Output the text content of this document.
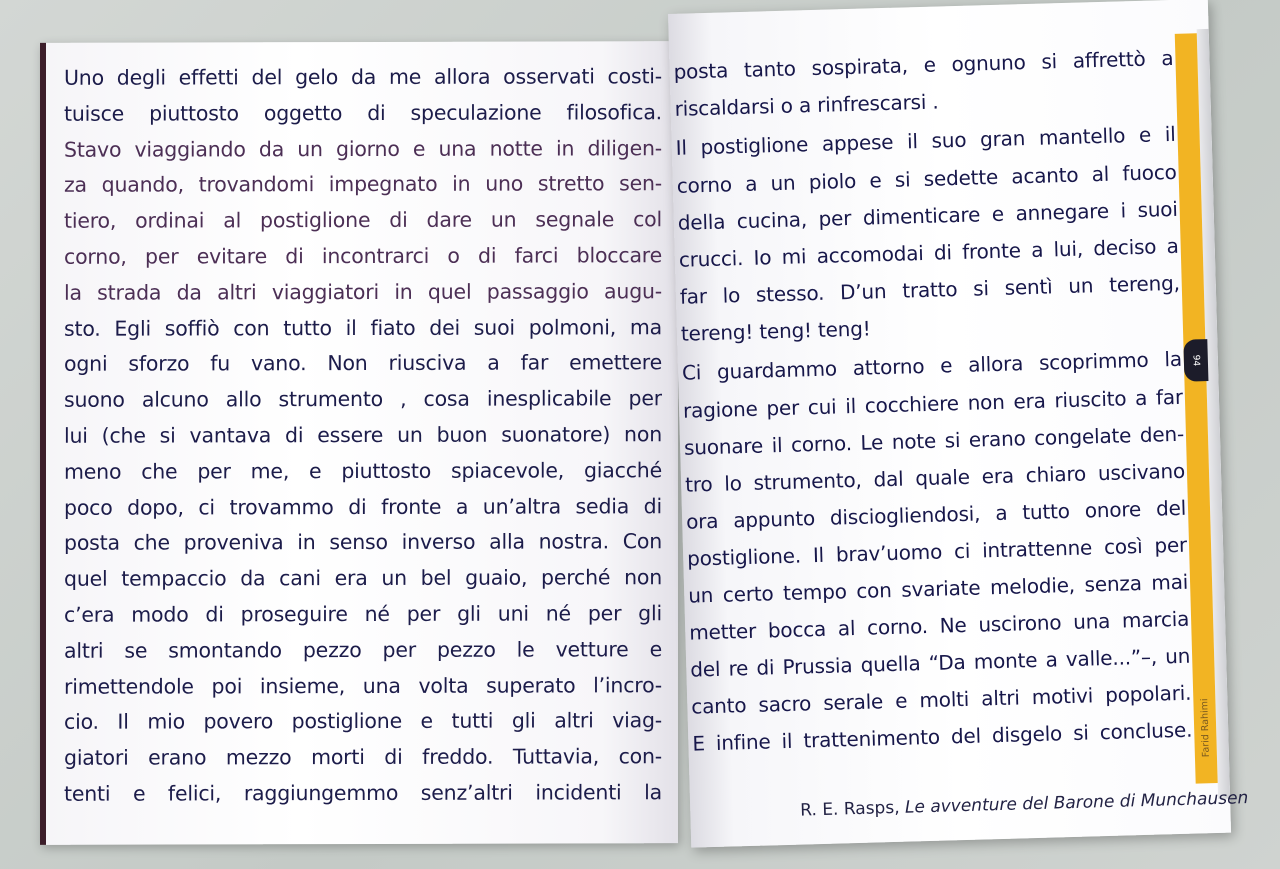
Uno degli effetti del gelo da me allora osservati costi-
tuisce piuttosto oggetto di speculazione filosofica.
Stavo viaggiando da un giorno e una notte in diligen-
za quando, trovandomi impegnato in uno stretto sen-
tiero, ordinai al postiglione di dare un segnale col
corno, per evitare di incontrarci o di farci bloccare
la strada da altri viaggiatori in quel passaggio augu-
sto. Egli soffiò con tutto il fiato dei suoi polmoni, ma
ogni sforzo fu vano. Non riusciva a far emettere
suono alcuno allo strumento , cosa inesplicabile per
lui (che si vantava di essere un buon suonatore) non
meno che per me, e piuttosto spiacevole, giacché
poco dopo, ci trovammo di fronte a un’altra sedia di
posta che proveniva in senso inverso alla nostra. Con
quel tempaccio da cani era un bel guaio, perché non
c’era modo di proseguire né per gli uni né per gli
altri se smontando pezzo per pezzo le vetture e
rimettendole poi insieme, una volta superato l’incro-
cio. Il mio povero postiglione e tutti gli altri viag-
giatori erano mezzo morti di freddo. Tuttavia, con-
tenti e felici, raggiungemmo senz’altri incidenti la
94
Farid Rahimi
posta tanto sospirata, e ognuno si affrettò a
riscaldarsi o a rinfrescarsi .
Il postiglione appese il suo gran mantello e il
corno a un piolo e si sedette acanto al fuoco
della cucina, per dimenticare e annegare i suoi
crucci. Io mi accomodai di fronte a lui, deciso a
far lo stesso. D’un tratto si sentì un tereng,
tereng! teng! teng!
Ci guardammo attorno e allora scoprimmo la
ragione per cui il cocchiere non era riuscito a far
suonare il corno. Le note si erano congelate den-
tro lo strumento, dal quale era chiaro uscivano
ora appunto disciogliendosi, a tutto onore del
postiglione. Il brav’uomo ci intrattenne così per
un certo tempo con svariate melodie, senza mai
metter bocca al corno. Ne uscirono una marcia
del re di Prussia quella “Da monte a valle...”–, un
canto sacro serale e molti altri motivi popolari.
E infine il trattenimento del disgelo si concluse.
R. E. Rasps, Le avventure del Barone di Munchausen
